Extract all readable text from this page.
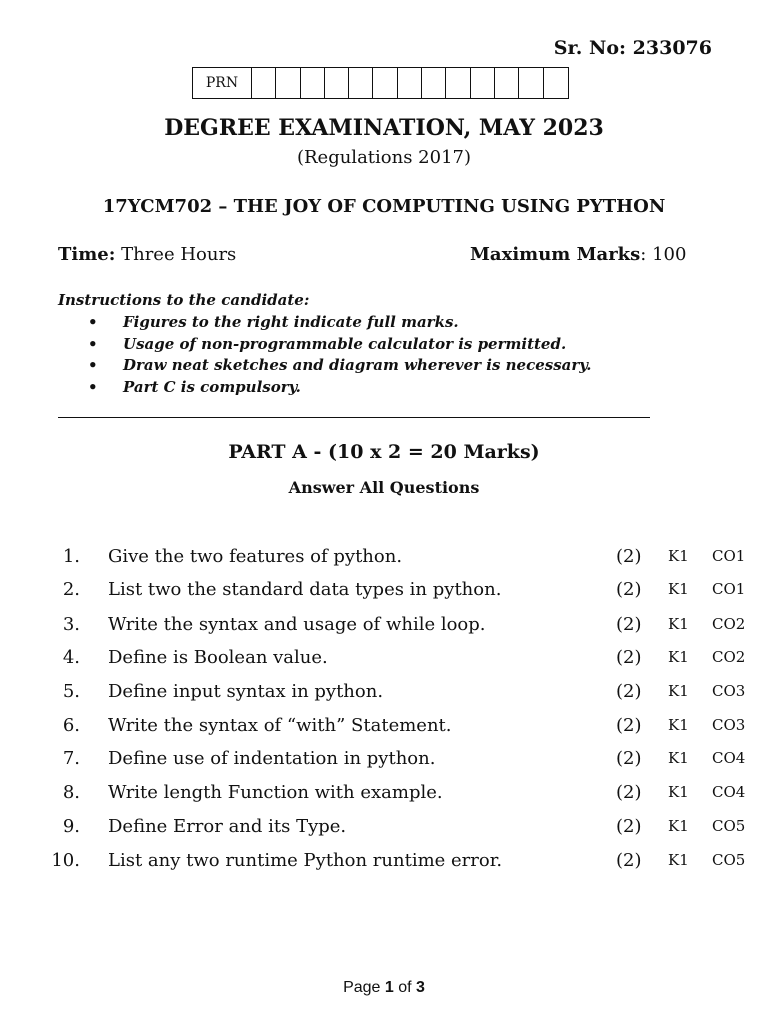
Sr. No: 233076
PRN
DEGREE EXAMINATION, MAY 2023
(Regulations 2017)
17YCM702 – THE JOY OF COMPUTING USING PYTHON
Time: Three Hours	Maximum Marks: 100
Instructions to the candidate:
• Figures to the right indicate full marks.
• Usage of non-programmable calculator is permitted.
• Draw neat sketches and diagram wherever is necessary.
• Part C is compulsory.
PART A - (10 x 2 = 20 Marks)
Answer All Questions
1. Give the two features of python.	(2) K1 CO1
2. List two the standard data types in python.	(2) K1 CO1
3. Write the syntax and usage of while loop.	(2) K1 CO2
4. Define is Boolean value.	(2) K1 CO2
5. Define input syntax in python.	(2) K1 CO3
6. Write the syntax of “with” Statement.	(2) K1 CO3
7. Define use of indentation in python.	(2) K1 CO4
8. Write length Function with example.	(2) K1 CO4
9. Define Error and its Type.	(2) K1 CO5
10. List any two runtime Python runtime error.	(2) K1 CO5
Page 1 of 3
